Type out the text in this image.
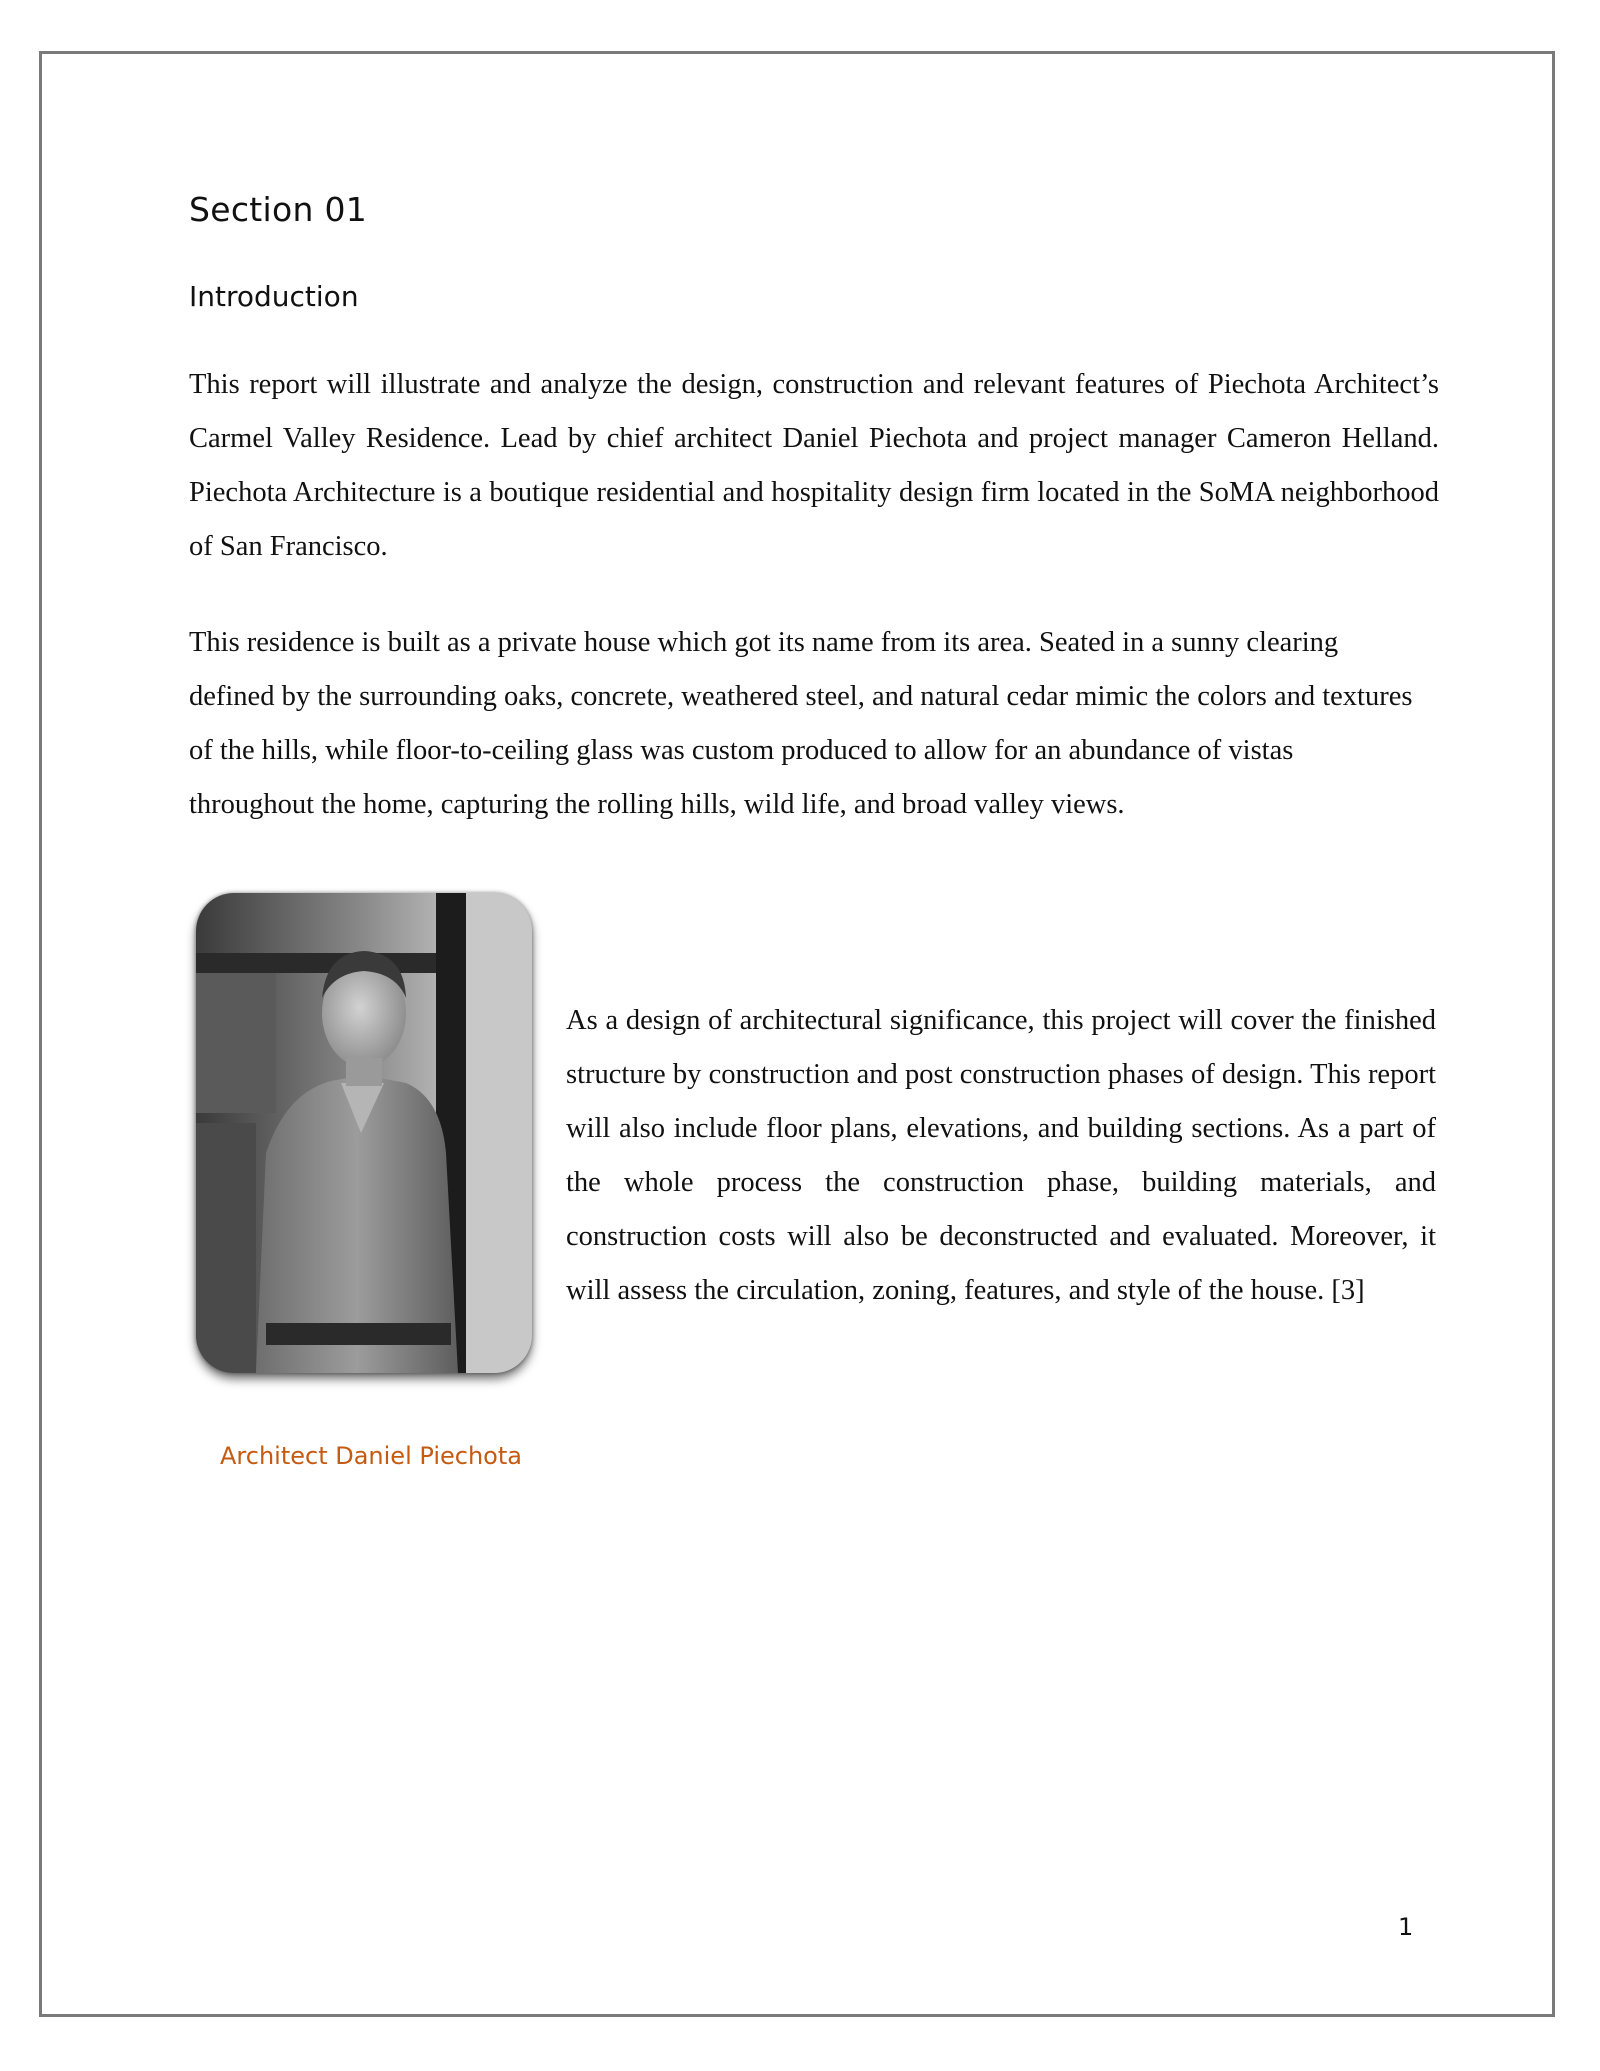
Section 01
Introduction

This report will illustrate and analyze the design, construction and relevant features of Piechota Architect’s Carmel Valley Residence. Lead by chief architect Daniel Piechota and project manager Cameron Helland. Piechota Architecture is a boutique residential and hospitality design firm located in the SoMA neighborhood of San Francisco.

This residence is built as a private house which got its name from its area. Seated in a sunny clearing defined by the surrounding oaks, concrete, weathered steel, and natural cedar mimic the colors and textures of the hills, while floor-to-ceiling glass was custom produced to allow for an abundance of vistas throughout the home, capturing the rolling hills, wild life, and broad valley views.

As a design of architectural significance, this project will cover the finished structure by construction and post construction phases of design. This report will also include floor plans, elevations, and building sections. As a part of the whole process the construction phase, building materials, and construction costs will also be deconstructed and evaluated. Moreover, it will assess the circulation, zoning, features, and style of the house. [3]

Architect Daniel Piechota

1
